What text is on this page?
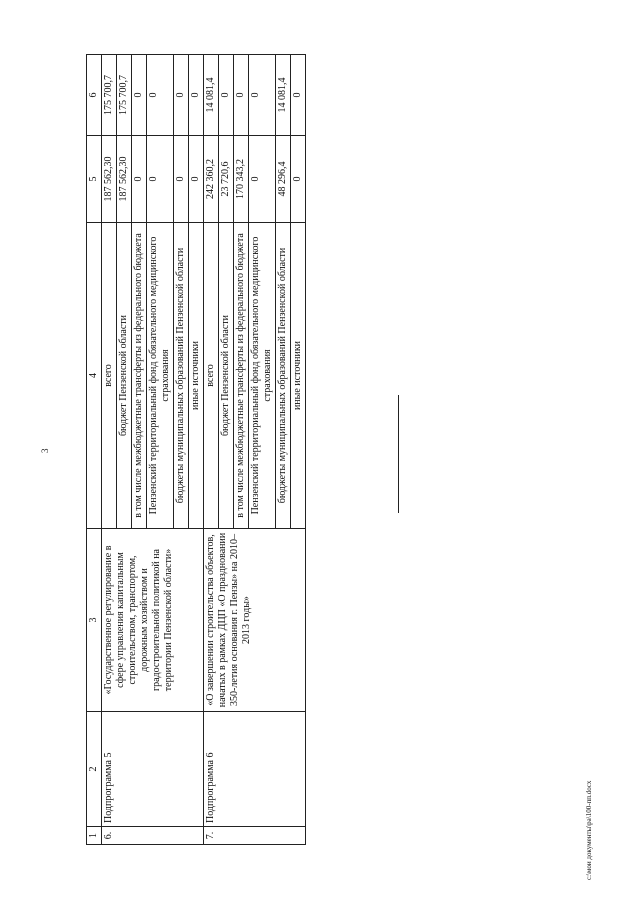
3
c:\мои документы\ра\100-пп.docx
1	2	3	4	5	6
6.	Подпрограмма 5	«Государственное регулирование в сфере управления капитальным строительством, транспортом, дорожным хозяйством и градостроительной политикой на территории Пензенской области»	всего	187 562,30	175 700,7
			бюджет Пензенской области	187 562,30	175 700,7
			в том числе межбюджетные трансферты из федерального бюджета	0	0
			Пензенский территориальный фонд обязательного медицинского страхования	0	0
			бюджеты муниципальных образований Пензенской области	0	0
			иные источники	0	0
7.	Подпрограмма 6	«О завершении строительства объектов, начатых в рамках ДЦП «О праздновании 350-летия основания г. Пензы» на 2010–2013 годы»	всего	242 360,2	14 081,4
			бюджет Пензенской области	23 720,6	0
			в том числе межбюджетные трансферты из федерального бюджета	170 343,2	0
			Пензенский территориальный фонд обязательного медицинского страхования	0	0
			бюджеты муниципальных образований Пензенской области	48 296,4	14 081,4
			иные источники	0	0
